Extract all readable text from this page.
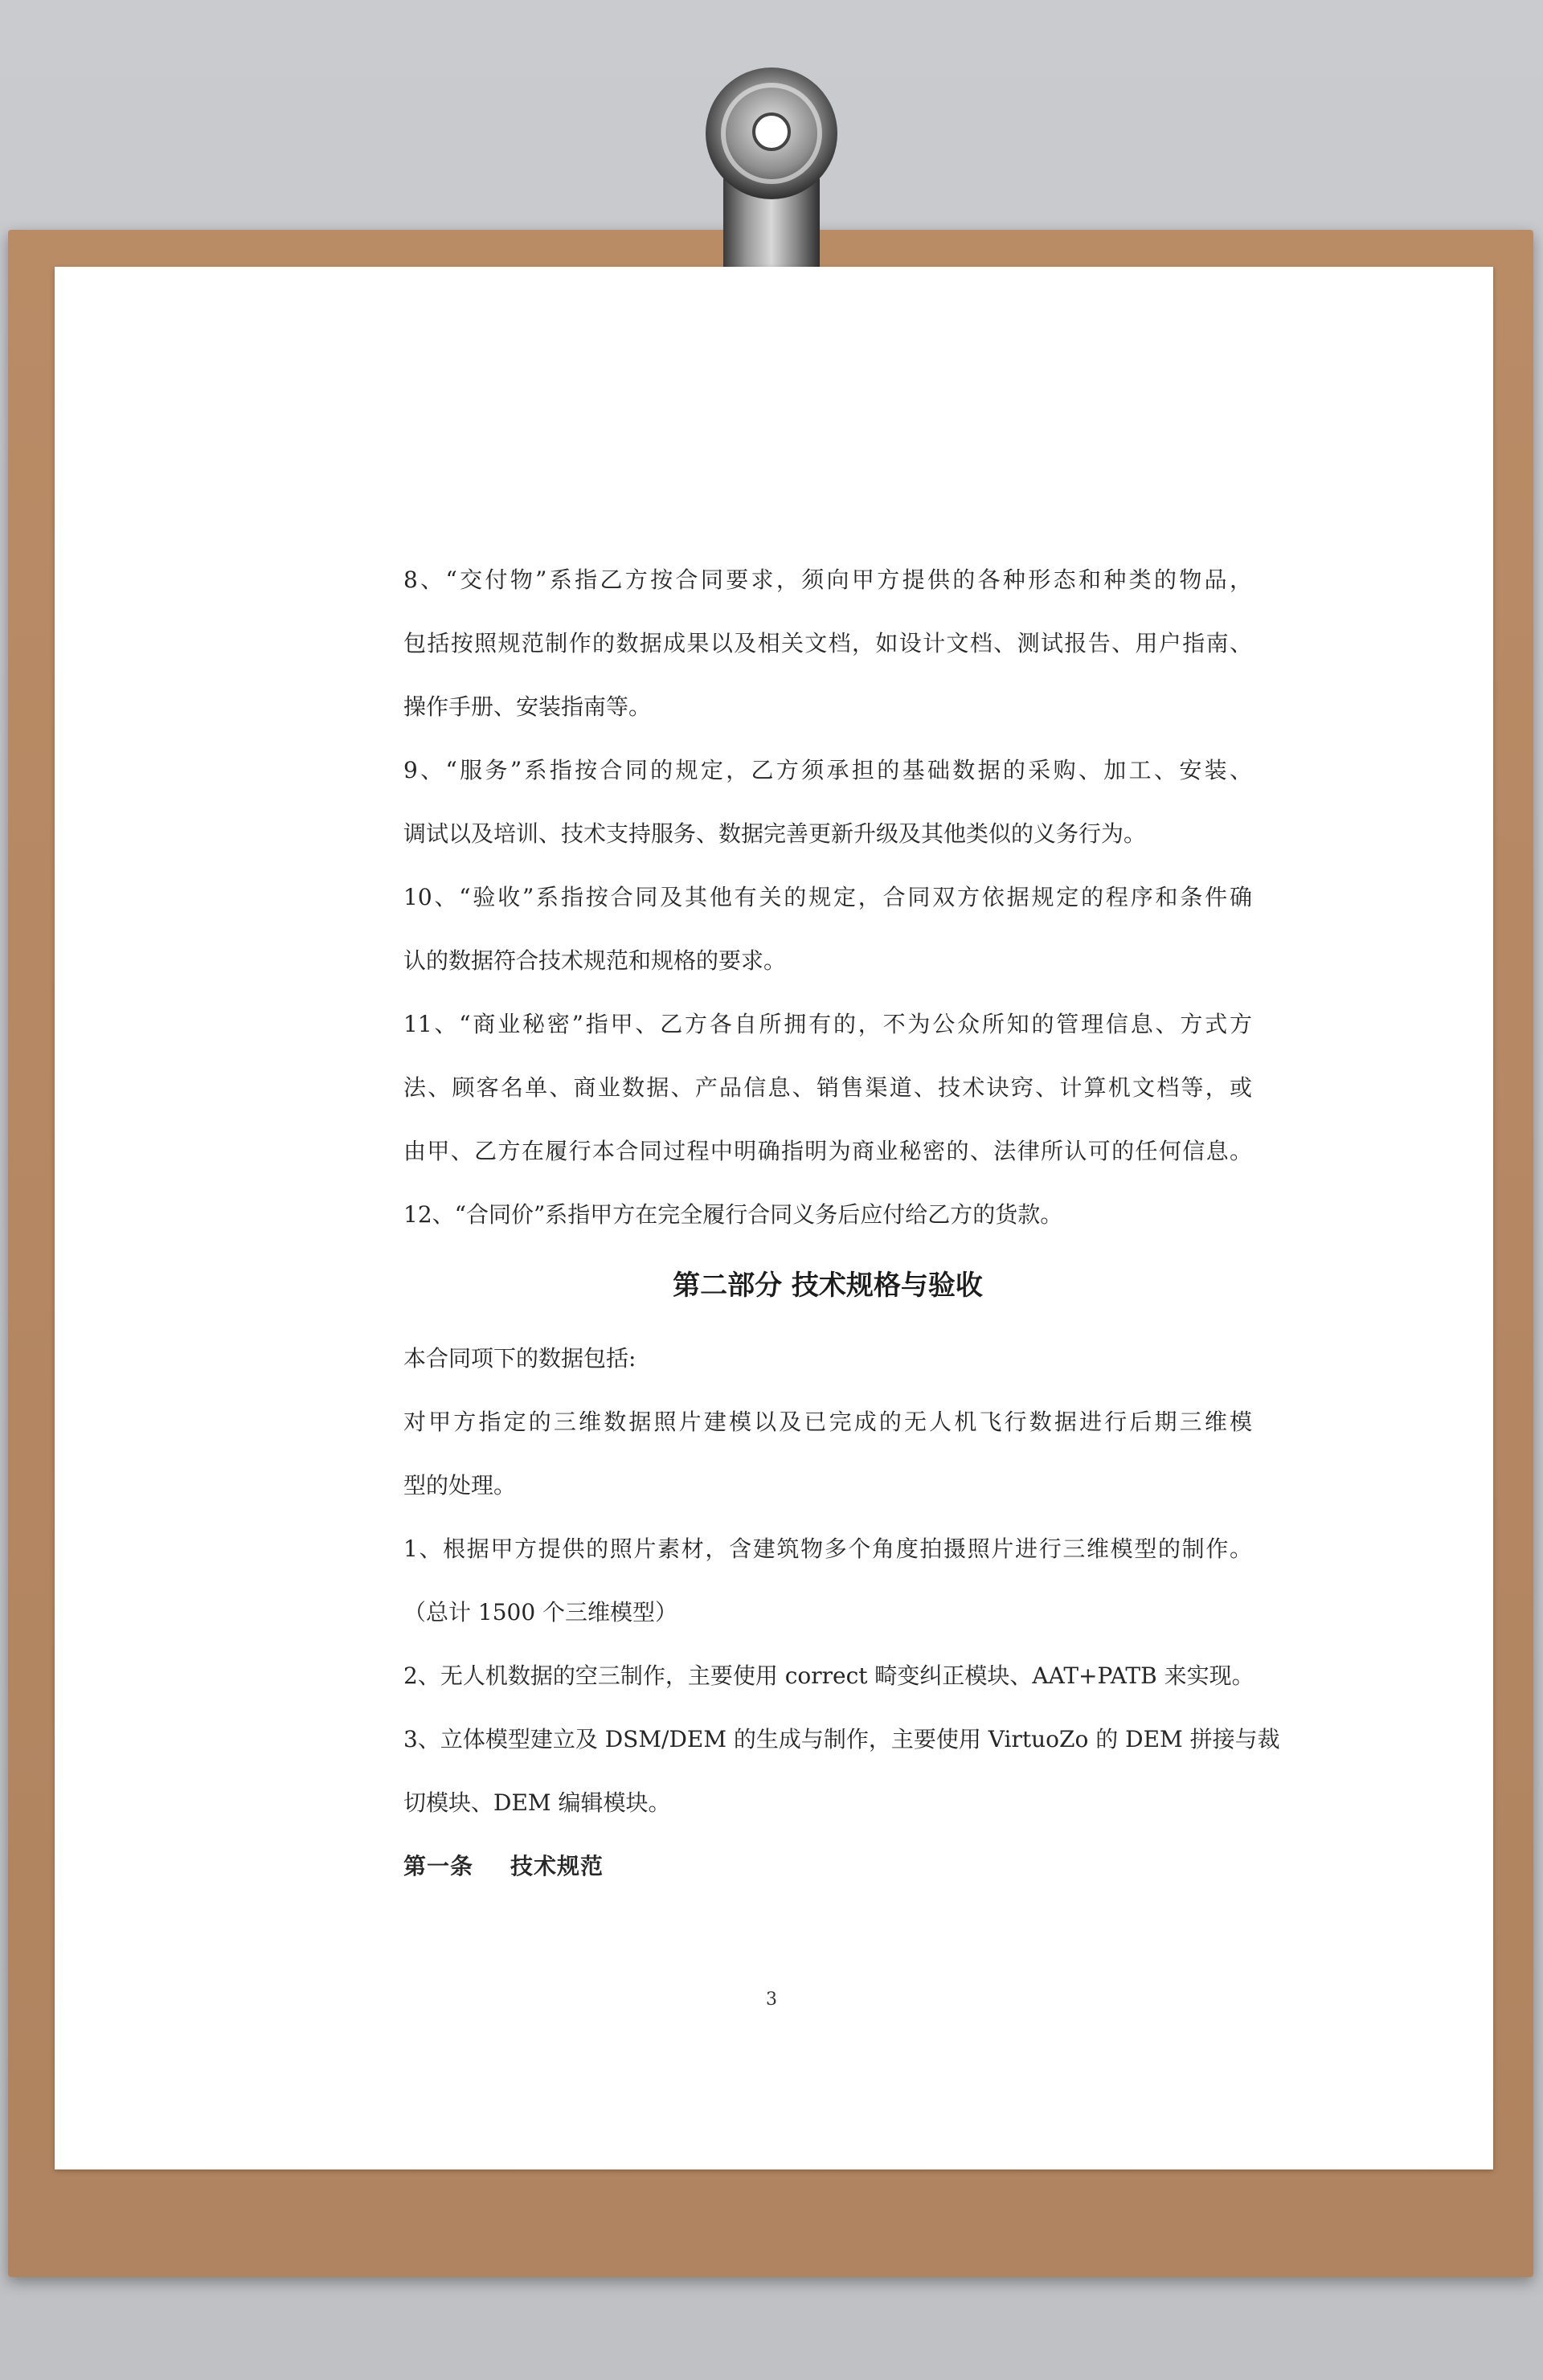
8、“交付物”系指乙方按合同要求，须向甲方提供的各种形态和种类的物品，
包括按照规范制作的数据成果以及相关文档，如设计文档、测试报告、用户指南、
操作手册、安装指南等。
9、“服务”系指按合同的规定，乙方须承担的基础数据的采购、加工、安装、
调试以及培训、技术支持服务、数据完善更新升级及其他类似的义务行为。
10、“验收”系指按合同及其他有关的规定，合同双方依据规定的程序和条件确
认的数据符合技术规范和规格的要求。
11、“商业秘密”指甲、乙方各自所拥有的，不为公众所知的管理信息、方式方
法、顾客名单、商业数据、产品信息、销售渠道、技术诀窍、计算机文档等，或
由甲、乙方在履行本合同过程中明确指明为商业秘密的、法律所认可的任何信息。
12、“合同价”系指甲方在完全履行合同义务后应付给乙方的货款。
第二部分 技术规格与验收
本合同项下的数据包括:
对甲方指定的三维数据照片建模以及已完成的无人机飞行数据进行后期三维模
型的处理。
1、根据甲方提供的照片素材，含建筑物多个角度拍摄照片进行三维模型的制作。
（总计 1500 个三维模型）
2、无人机数据的空三制作，主要使用 correct 畸变纠正模块、AAT+PATB 来实现。
3、立体模型建立及 DSM/DEM 的生成与制作，主要使用 VirtuoZo 的 DEM 拼接与裁
切模块、DEM 编辑模块。
第一条 技术规范
3
